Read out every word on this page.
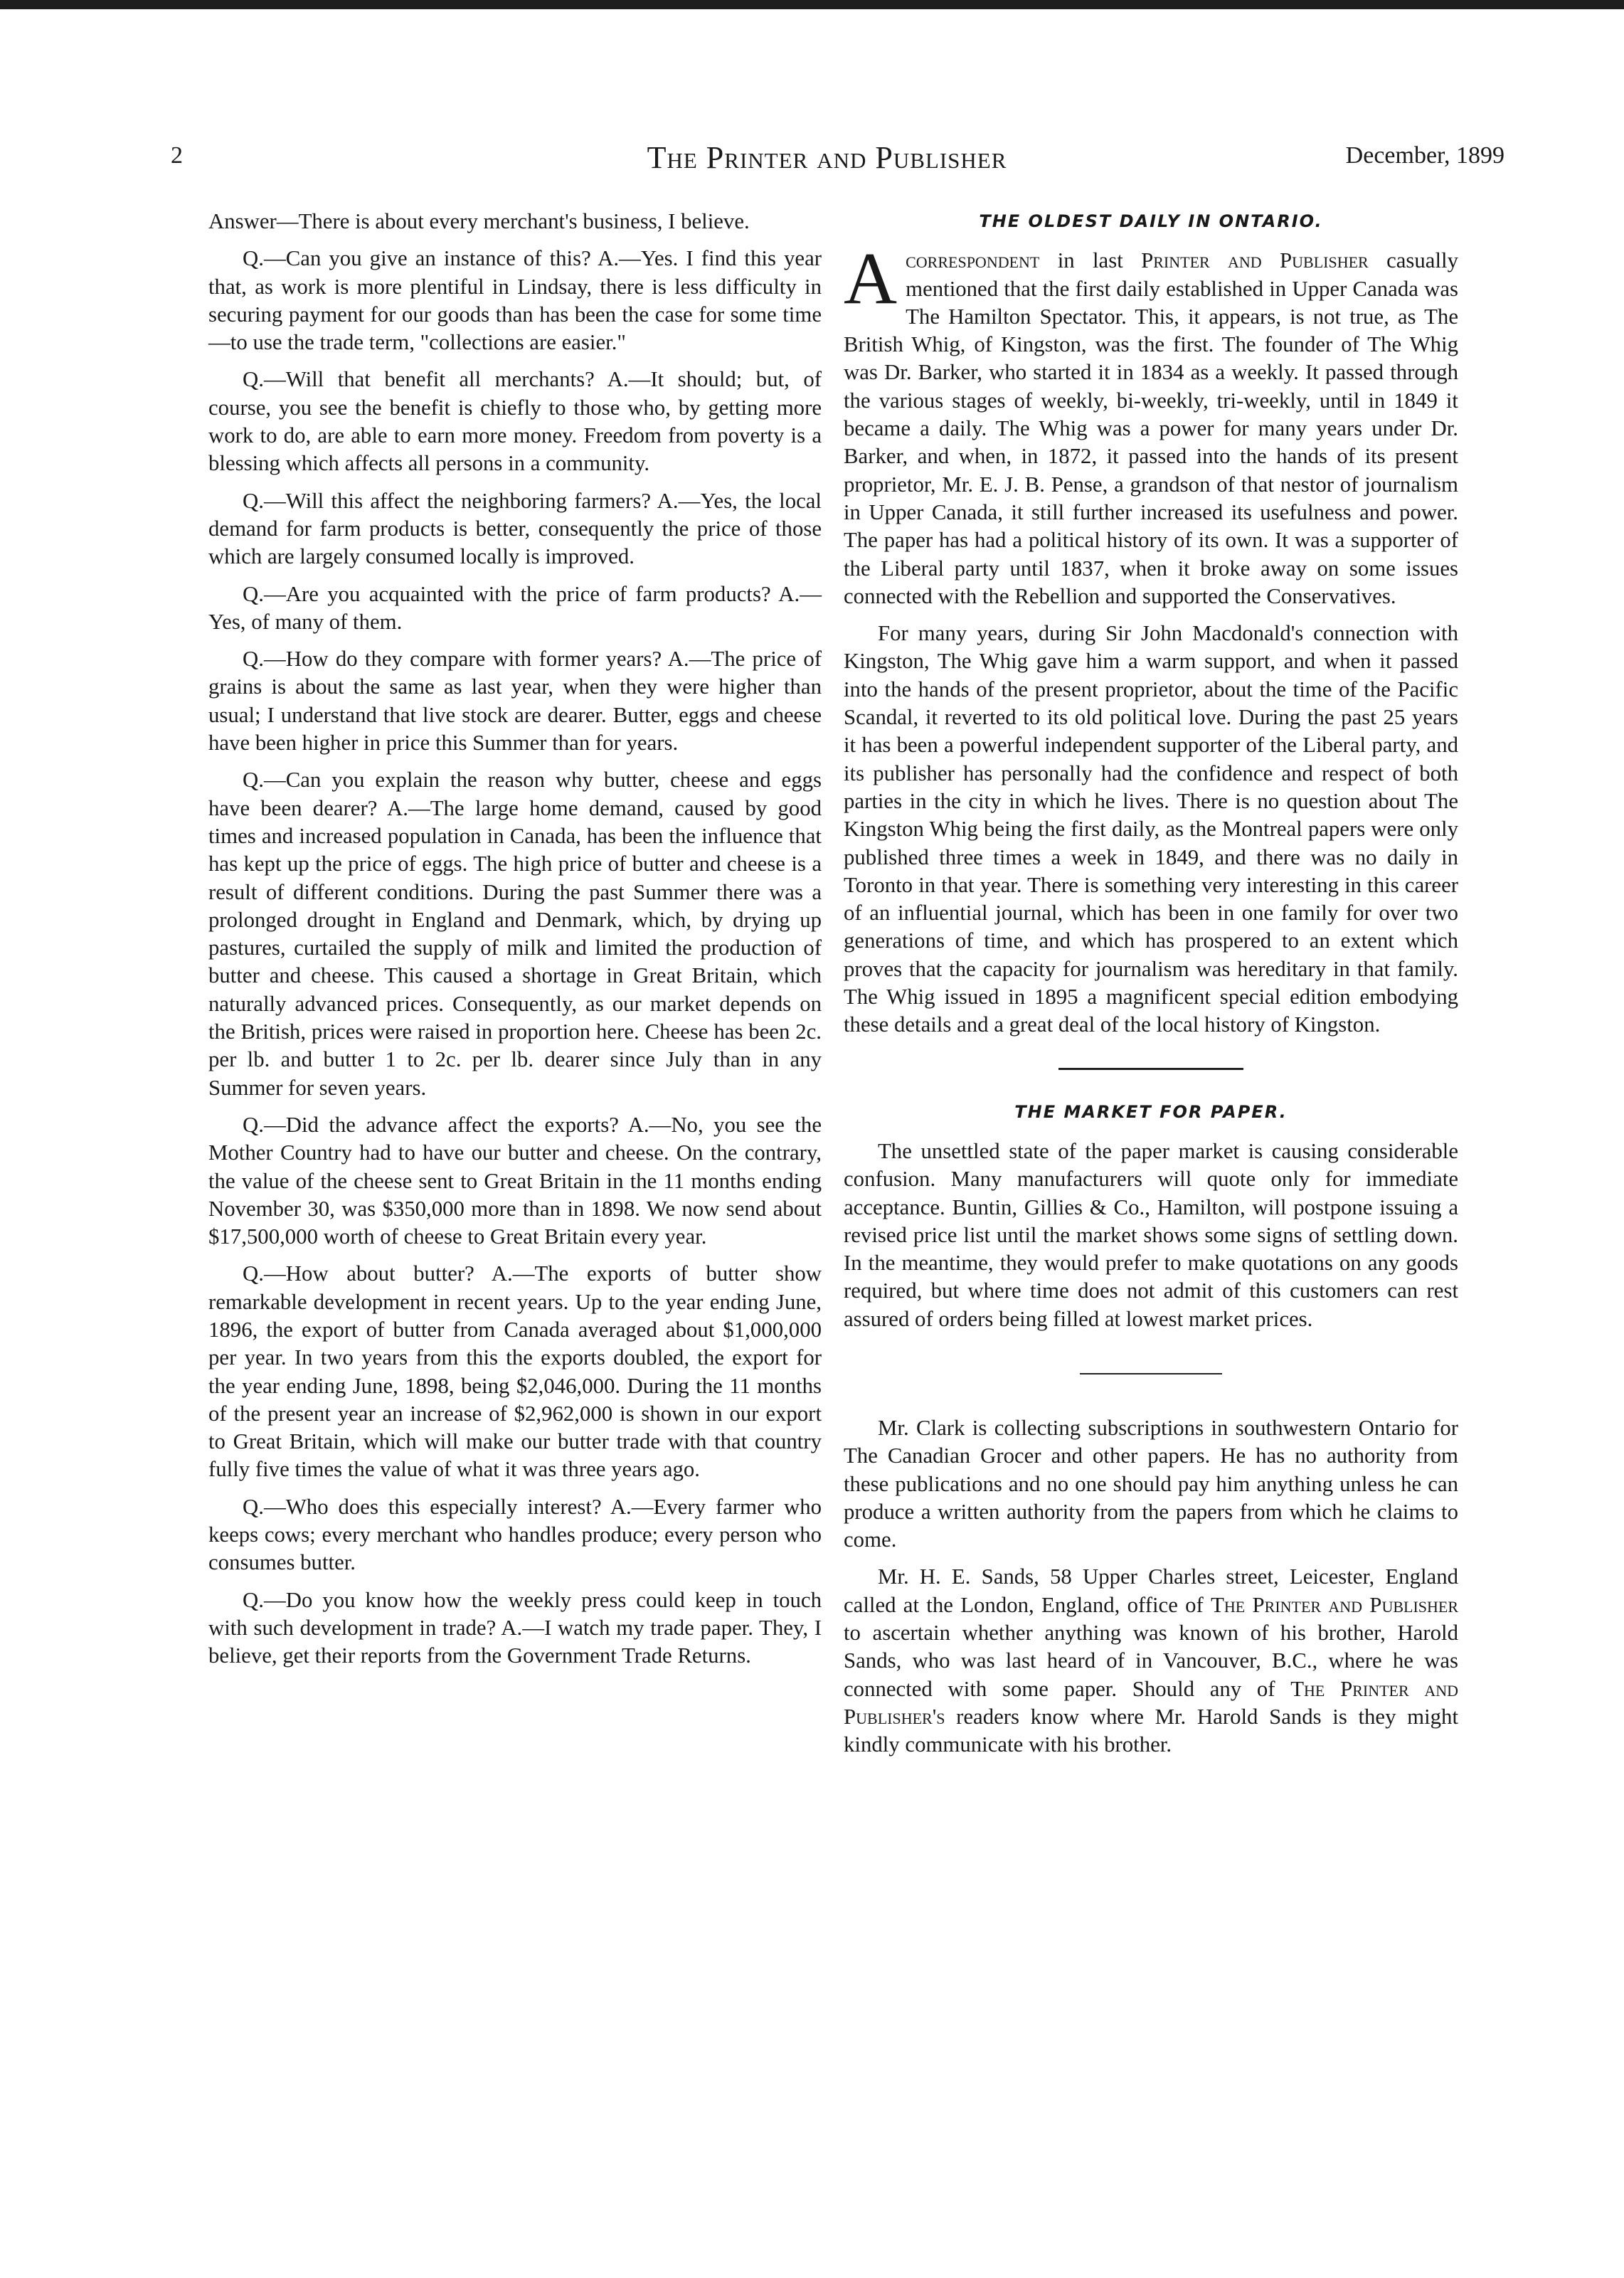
2	The Printer and Publisher	December, 1899

Answer—There is about every merchant's business, I believe.

Q.—Can you give an instance of this? A.—Yes. I find this year that, as work is more plentiful in Lindsay, there is less difficulty in securing payment for our goods than has been the case for some time—to use the trade term, "collections are easier."

Q.—Will that benefit all merchants? A.—It should; but, of course, you see the benefit is chiefly to those who, by getting more work to do, are able to earn more money. Freedom from poverty is a blessing which affects all persons in a community.

Q.—Will this affect the neighboring farmers? A.—Yes, the local demand for farm products is better, consequently the price of those which are largely consumed locally is improved.

Q.—Are you acquainted with the price of farm products? A.—Yes, of many of them.

Q.—How do they compare with former years? A.—The price of grains is about the same as last year, when they were higher than usual; I understand that live stock are dearer. Butter, eggs and cheese have been higher in price this Summer than for years.

Q.—Can you explain the reason why butter, cheese and eggs have been dearer? A.—The large home demand, caused by good times and increased population in Canada, has been the influence that has kept up the price of eggs. The high price of butter and cheese is a result of different conditions. During the past Summer there was a prolonged drought in England and Denmark, which, by drying up pastures, curtailed the supply of milk and limited the production of butter and cheese. This caused a shortage in Great Britain, which naturally advanced prices. Consequently, as our market depends on the British, prices were raised in proportion here. Cheese has been 2c. per lb. and butter 1 to 2c. per lb. dearer since July than in any Summer for seven years.

Q.—Did the advance affect the exports? A.—No, you see the Mother Country had to have our butter and cheese. On the contrary, the value of the cheese sent to Great Britain in the 11 months ending November 30, was $350,000 more than in 1898. We now send about $17,500,000 worth of cheese to Great Britain every year.

Q.—How about butter? A.—The exports of butter show remarkable development in recent years. Up to the year ending June, 1896, the export of butter from Canada averaged about $1,000,000 per year. In two years from this the exports doubled, the export for the year ending June, 1898, being $2,046,000. During the 11 months of the present year an increase of $2,962,000 is shown in our export to Great Britain, which will make our butter trade with that country fully five times the value of what it was three years ago.

Q.—Who does this especially interest? A.—Every farmer who keeps cows; every merchant who handles produce; every person who consumes butter.

Q.—Do you know how the weekly press could keep in touch with such development in trade? A.—I watch my trade paper. They, I believe, get their reports from the Government Trade Returns.

THE OLDEST DAILY IN ONTARIO.

Acorrespondent in last Printer and Publisher casually mentioned that the first daily established in Upper Canada was The Hamilton Spectator. This, it appears, is not true, as The British Whig, of Kingston, was the first. The founder of The Whig was Dr. Barker, who started it in 1834 as a weekly. It passed through the various stages of weekly, bi-weekly, tri-weekly, until in 1849 it became a daily. The Whig was a power for many years under Dr. Barker, and when, in 1872, it passed into the hands of its present proprietor, Mr. E. J. B. Pense, a grandson of that nestor of journalism in Upper Canada, it still further increased its usefulness and power. The paper has had a political history of its own. It was a supporter of the Liberal party until 1837, when it broke away on some issues connected with the Rebellion and supported the Conservatives.

For many years, during Sir John Macdonald's connection with Kingston, The Whig gave him a warm support, and when it passed into the hands of the present proprietor, about the time of the Pacific Scandal, it reverted to its old political love. During the past 25 years it has been a powerful independent supporter of the Liberal party, and its publisher has personally had the confidence and respect of both parties in the city in which he lives. There is no question about The Kingston Whig being the first daily, as the Montreal papers were only published three times a week in 1849, and there was no daily in Toronto in that year. There is something very interesting in this career of an influential journal, which has been in one family for over two generations of time, and which has prospered to an extent which proves that the capacity for journalism was hereditary in that family. The Whig issued in 1895 a magnificent special edition embodying these details and a great deal of the local history of Kingston.

THE MARKET FOR PAPER.

The unsettled state of the paper market is causing considerable confusion. Many manufacturers will quote only for immediate acceptance. Buntin, Gillies & Co., Hamilton, will postpone issuing a revised price list until the market shows some signs of settling down. In the meantime, they would prefer to make quotations on any goods required, but where time does not admit of this customers can rest assured of orders being filled at lowest market prices.

Mr. Clark is collecting subscriptions in southwestern Ontario for The Canadian Grocer and other papers. He has no authority from these publications and no one should pay him anything unless he can produce a written authority from the papers from which he claims to come.

Mr. H. E. Sands, 58 Upper Charles street, Leicester, England called at the London, England, office of The Printer and Publisher to ascertain whether anything was known of his brother, Harold Sands, who was last heard of in Vancouver, B.C., where he was connected with some paper. Should any of The Printer and Publisher's readers know where Mr. Harold Sands is they might kindly communicate with his brother.
